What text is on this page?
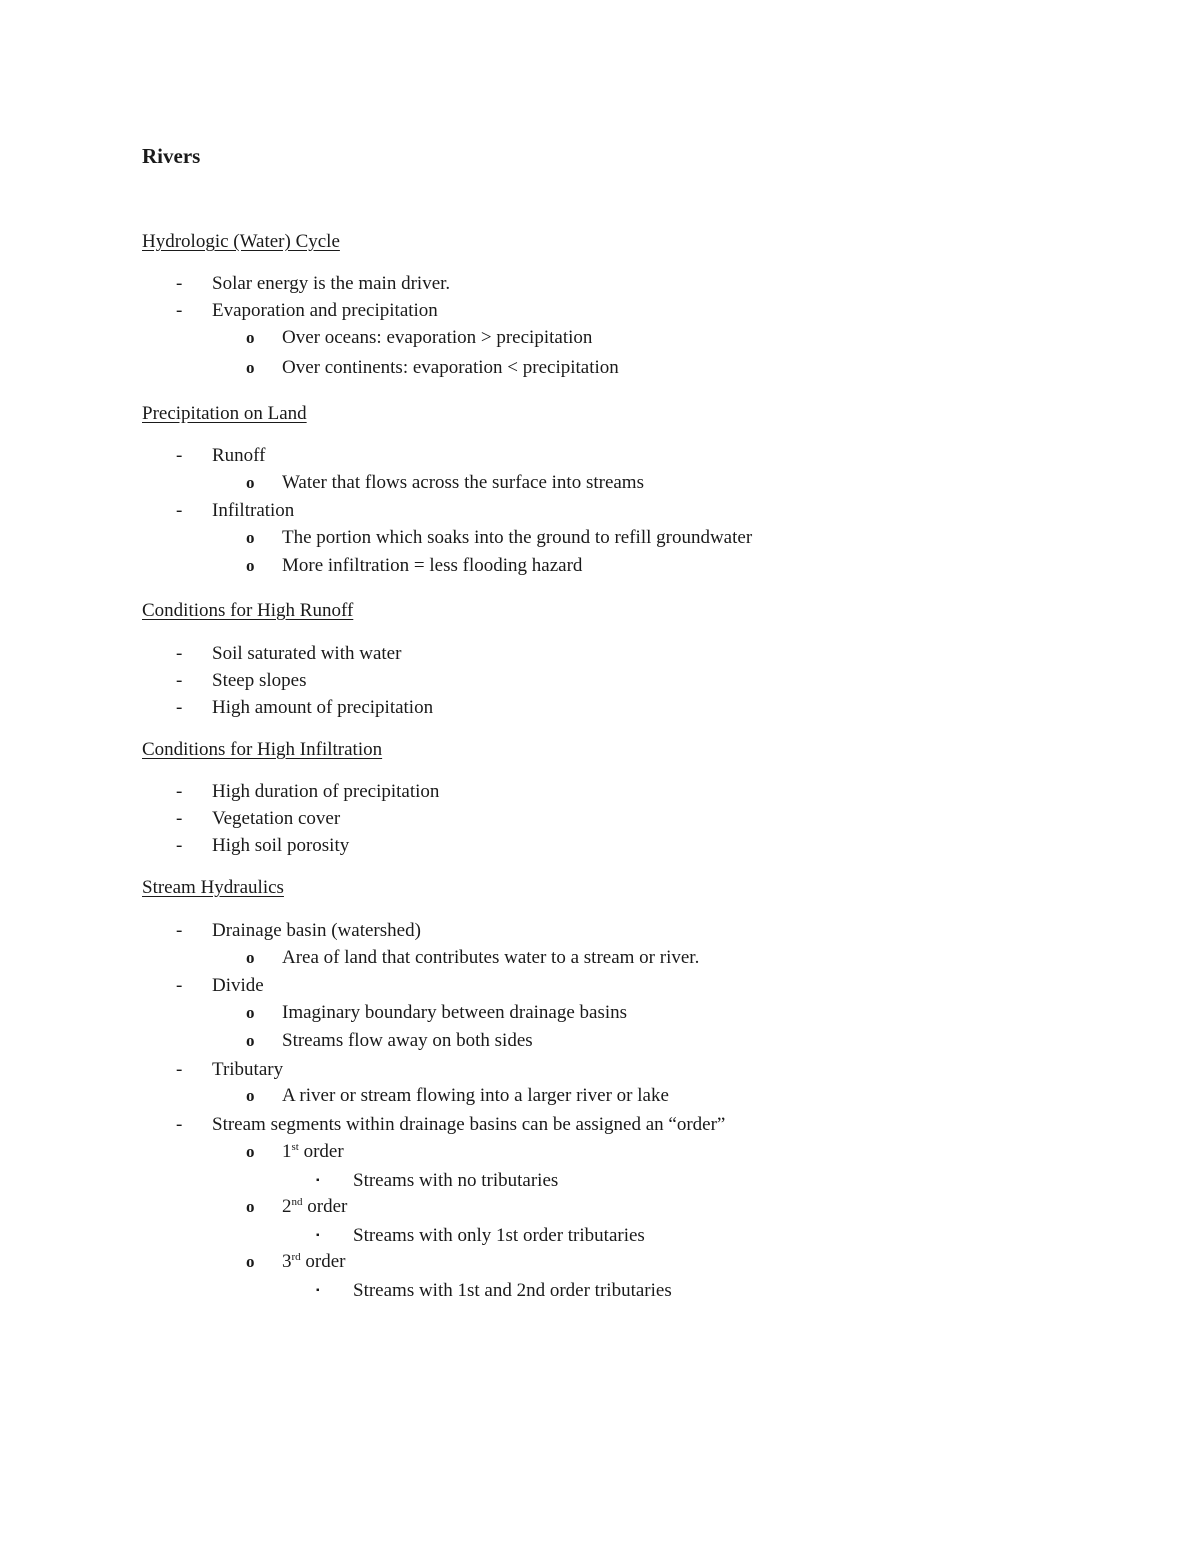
Rivers
Hydrologic (Water) Cycle
- Solar energy is the main driver.
- Evaporation and precipitation
o Over oceans: evaporation > precipitation
o Over continents: evaporation < precipitation
Precipitation on Land
- Runoff
o Water that flows across the surface into streams
- Infiltration
o The portion which soaks into the ground to refill groundwater
o More infiltration = less flooding hazard
Conditions for High Runoff
- Soil saturated with water
- Steep slopes
- High amount of precipitation
Conditions for High Infiltration
- High duration of precipitation
- Vegetation cover
- High soil porosity
Stream Hydraulics
- Drainage basin (watershed)
o Area of land that contributes water to a stream or river.
- Divide
o Imaginary boundary between drainage basins
o Streams flow away on both sides
- Tributary
o A river or stream flowing into a larger river or lake
- Stream segments within drainage basins can be assigned an “order”
o 1st order
▪ Streams with no tributaries
o 2nd order
▪ Streams with only 1st order tributaries
o 3rd order
▪ Streams with 1st and 2nd order tributaries
